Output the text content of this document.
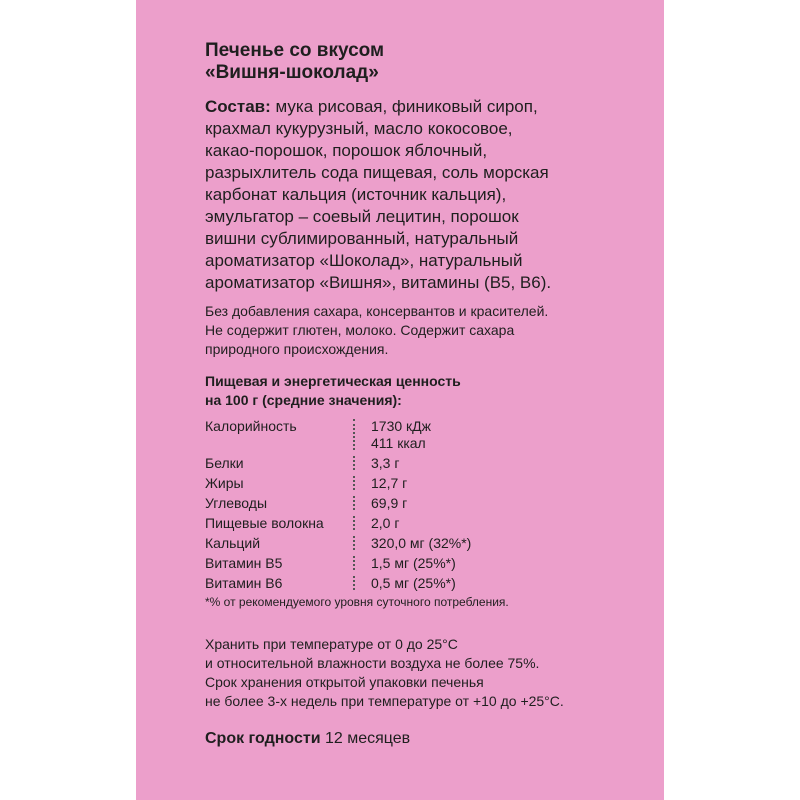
Печенье со вкусом
«Вишня-шоколад»
Состав: мука рисовая, финиковый сироп,
крахмал кукурузный, масло кокосовое,
какао-порошок, порошок яблочный,
разрыхлитель сода пищевая, соль морская
карбонат кальция (источник кальция),
эмульгатор – соевый лецитин, порошок
вишни сублимированный, натуральный
ароматизатор «Шоколад», натуральный
ароматизатор «Вишня», витамины (В5, В6).
Без добавления сахара, консервантов и красителей.
Не содержит глютен, молоко. Содержит сахара
природного происхождения.
Пищевая и энергетическая ценность
на 100 г (средние значения):
Калорийность	1730 кДж
411 ккал
Белки	3,3 г
Жиры	12,7 г
Углеводы	69,9 г
Пищевые волокна	2,0 г
Кальций	320,0 мг (32%*)
Витамин В5	1,5 мг (25%*)
Витамин В6	0,5 мг (25%*)
*% от рекомендуемого уровня суточного потребления.
Хранить при температуре от 0 до 25°С
и относительной влажности воздуха не более 75%.
Срок хранения открытой упаковки печенья
не более 3-х недель при температуре от +10 до +25°С.
Срок годности 12 месяцев
